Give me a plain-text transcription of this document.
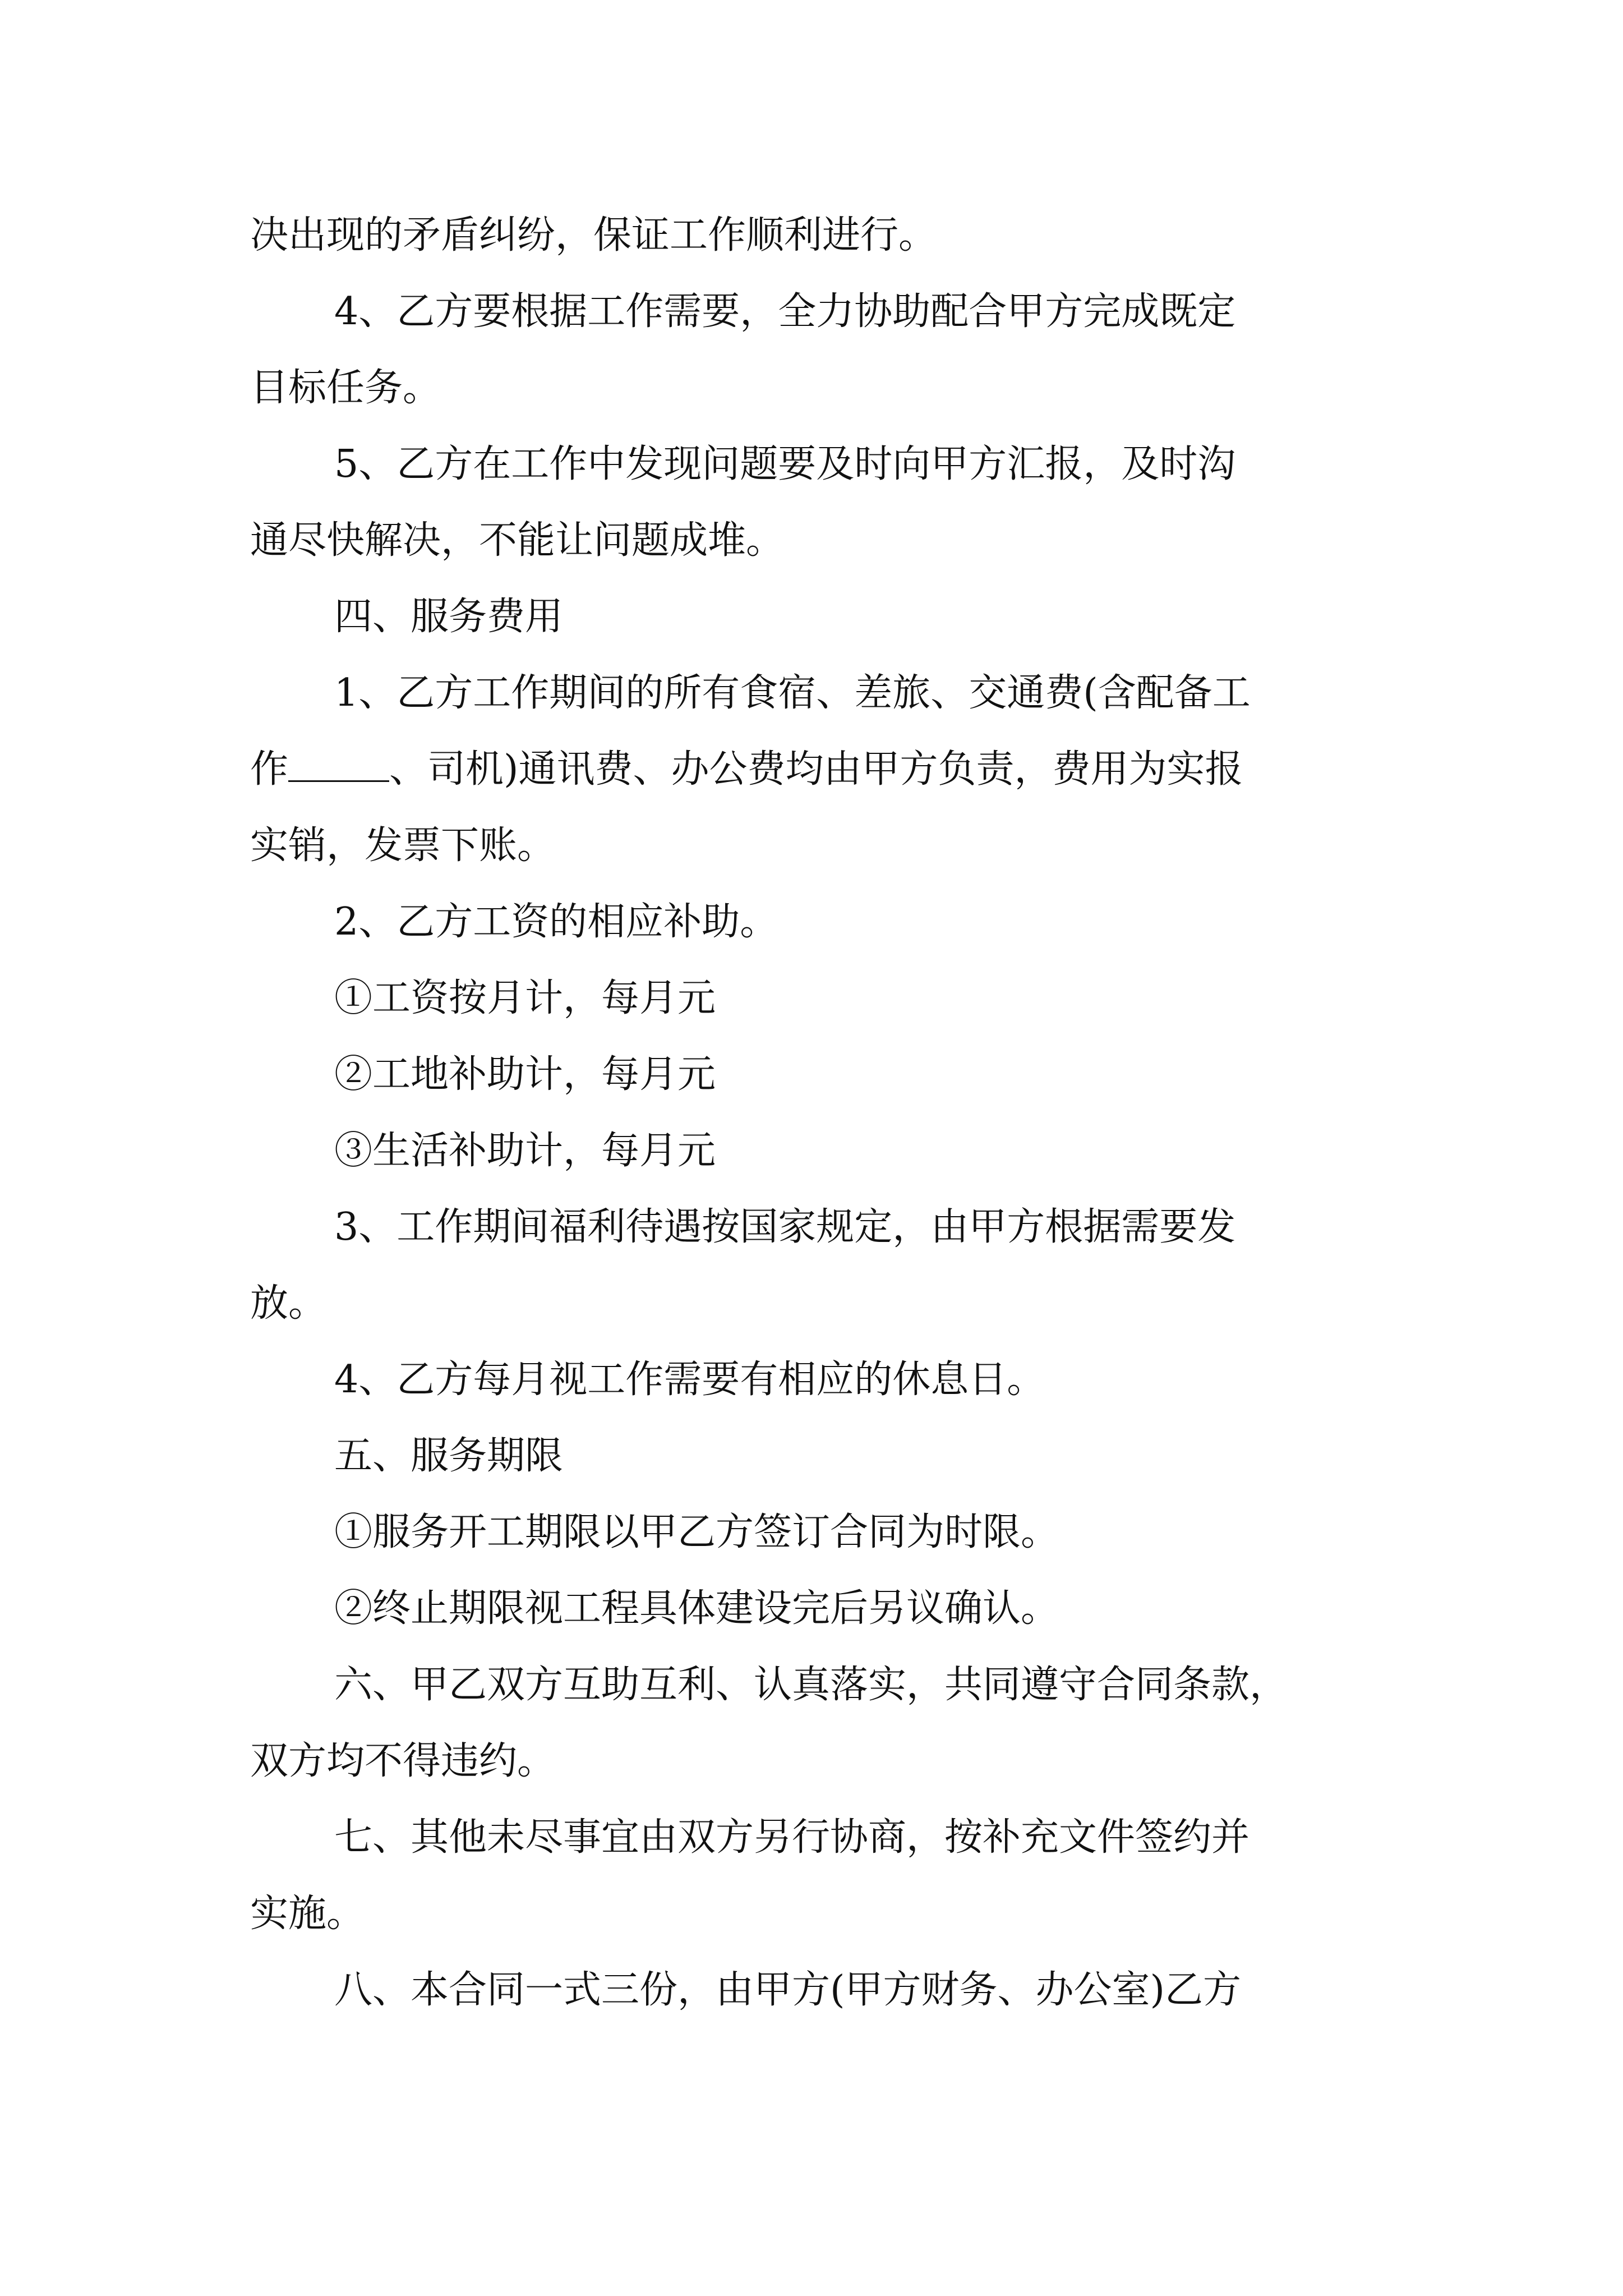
决出现的矛盾纠纷，保证工作顺利进行。
4、乙方要根据工作需要，全力协助配合甲方完成既定
目标任务。
5、乙方在工作中发现问题要及时向甲方汇报，及时沟
通尽快解决，不能让问题成堆。
四、服务费用
1、乙方工作期间的所有食宿、差旅、交通费(含配备工
作	、司机)通讯费、办公费均由甲方负责，费用为实报
实销，发票下账。
2、乙方工资的相应补助。
①工资按月计，每月元
②工地补助计，每月元
③生活补助计，每月元
3、工作期间福利待遇按国家规定，由甲方根据需要发
放。
4、乙方每月视工作需要有相应的休息日。
五、服务期限
①服务开工期限以甲乙方签订合同为时限。
②终止期限视工程具体建设完后另议确认。
六、甲乙双方互助互利、认真落实，共同遵守合同条款，
双方均不得违约。
七、其他未尽事宜由双方另行协商，按补充文件签约并
实施。
八、本合同一式三份，由甲方(甲方财务、办公室)乙方
